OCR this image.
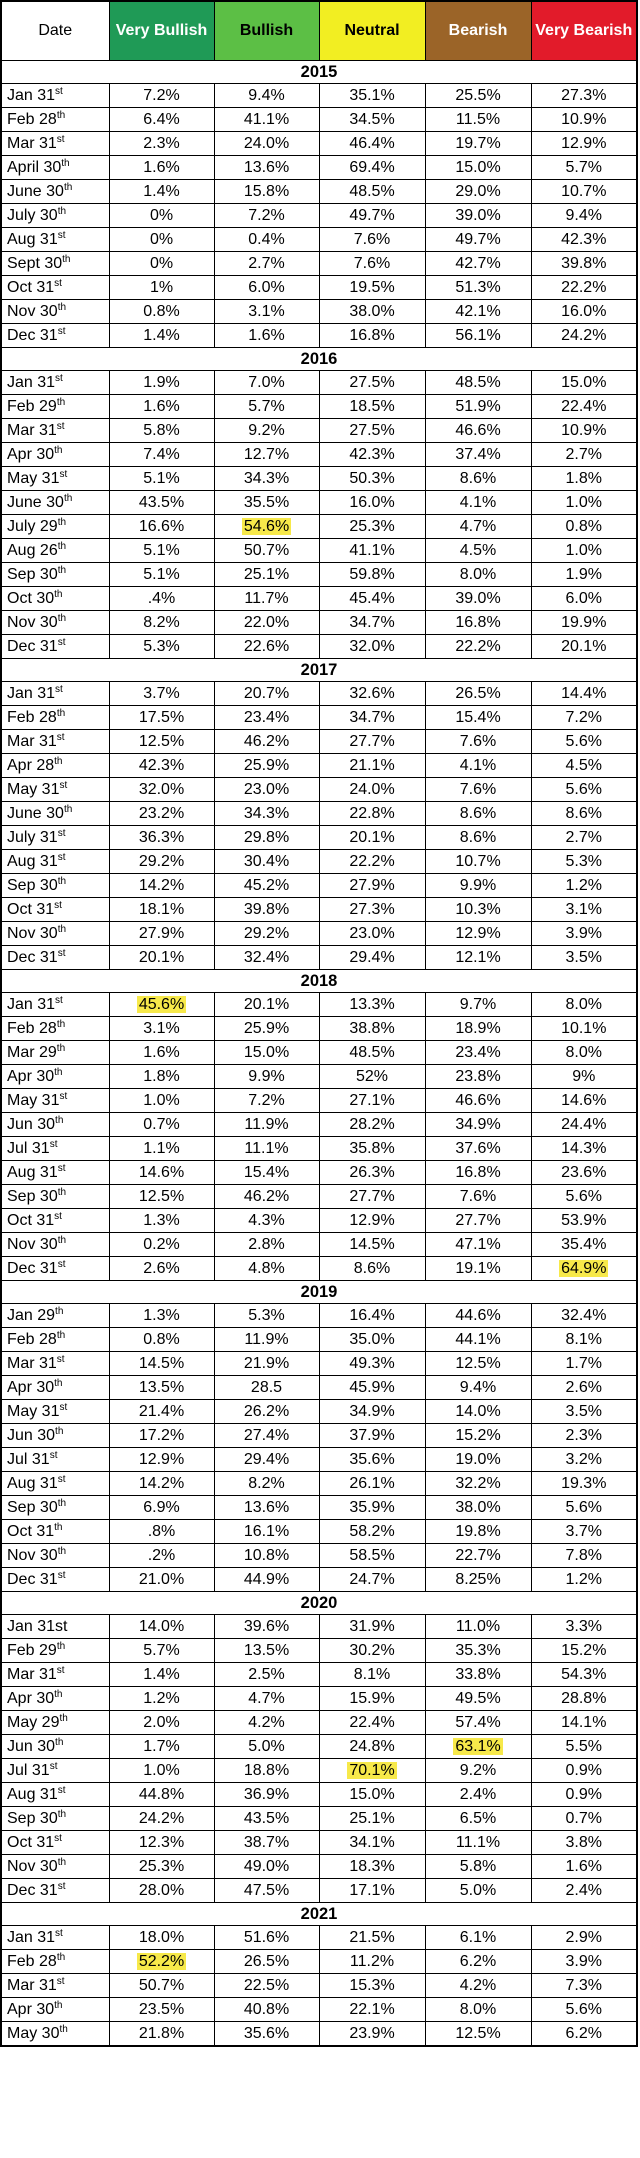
Date	Very Bullish	Bullish	Neutral	Bearish	Very Bearish
2015					
Jan 31st	7.2%	9.4%	35.1%	25.5%	27.3%
Feb 28th	6.4%	41.1%	34.5%	11.5%	10.9%
Mar 31st	2.3%	24.0%	46.4%	19.7%	12.9%
April 30th	1.6%	13.6%	69.4%	15.0%	5.7%
June 30th	1.4%	15.8%	48.5%	29.0%	10.7%
July 30th	0%	7.2%	49.7%	39.0%	9.4%
Aug 31st	0%	0.4%	7.6%	49.7%	42.3%
Sept 30th	0%	2.7%	7.6%	42.7%	39.8%
Oct 31st	1%	6.0%	19.5%	51.3%	22.2%
Nov 30th	0.8%	3.1%	38.0%	42.1%	16.0%
Dec 31st	1.4%	1.6%	16.8%	56.1%	24.2%
2016					
Jan 31st	1.9%	7.0%	27.5%	48.5%	15.0%
Feb 29th	1.6%	5.7%	18.5%	51.9%	22.4%
Mar 31st	5.8%	9.2%	27.5%	46.6%	10.9%
Apr 30th	7.4%	12.7%	42.3%	37.4%	2.7%
May 31st	5.1%	34.3%	50.3%	8.6%	1.8%
June 30th	43.5%	35.5%	16.0%	4.1%	1.0%
July 29th	16.6%	54.6%	25.3%	4.7%	0.8%
Aug 26th	5.1%	50.7%	41.1%	4.5%	1.0%
Sep 30th	5.1%	25.1%	59.8%	8.0%	1.9%
Oct 30th	.4%	11.7%	45.4%	39.0%	6.0%
Nov 30th	8.2%	22.0%	34.7%	16.8%	19.9%
Dec 31st	5.3%	22.6%	32.0%	22.2%	20.1%
2017					
Jan 31st	3.7%	20.7%	32.6%	26.5%	14.4%
Feb 28th	17.5%	23.4%	34.7%	15.4%	7.2%
Mar 31st	12.5%	46.2%	27.7%	7.6%	5.6%
Apr 28th	42.3%	25.9%	21.1%	4.1%	4.5%
May 31st	32.0%	23.0%	24.0%	7.6%	5.6%
June 30th	23.2%	34.3%	22.8%	8.6%	8.6%
July 31st	36.3%	29.8%	20.1%	8.6%	2.7%
Aug 31st	29.2%	30.4%	22.2%	10.7%	5.3%
Sep 30th	14.2%	45.2%	27.9%	9.9%	1.2%
Oct 31st	18.1%	39.8%	27.3%	10.3%	3.1%
Nov 30th	27.9%	29.2%	23.0%	12.9%	3.9%
Dec 31st	20.1%	32.4%	29.4%	12.1%	3.5%
2018					
Jan 31st	45.6%	20.1%	13.3%	9.7%	8.0%
Feb 28th	3.1%	25.9%	38.8%	18.9%	10.1%
Mar 29th	1.6%	15.0%	48.5%	23.4%	8.0%
Apr 30th	1.8%	9.9%	52%	23.8%	9%
May 31st	1.0%	7.2%	27.1%	46.6%	14.6%
Jun 30th	0.7%	11.9%	28.2%	34.9%	24.4%
Jul 31st	1.1%	11.1%	35.8%	37.6%	14.3%
Aug 31st	14.6%	15.4%	26.3%	16.8%	23.6%
Sep 30th	12.5%	46.2%	27.7%	7.6%	5.6%
Oct 31st	1.3%	4.3%	12.9%	27.7%	53.9%
Nov 30th	0.2%	2.8%	14.5%	47.1%	35.4%
Dec 31st	2.6%	4.8%	8.6%	19.1%	64.9%
2019					
Jan 29th	1.3%	5.3%	16.4%	44.6%	32.4%
Feb 28th	0.8%	11.9%	35.0%	44.1%	8.1%
Mar 31st	14.5%	21.9%	49.3%	12.5%	1.7%
Apr 30th	13.5%	28.5	45.9%	9.4%	2.6%
May 31st	21.4%	26.2%	34.9%	14.0%	3.5%
Jun 30th	17.2%	27.4%	37.9%	15.2%	2.3%
Jul 31st	12.9%	29.4%	35.6%	19.0%	3.2%
Aug 31st	14.2%	8.2%	26.1%	32.2%	19.3%
Sep 30th	6.9%	13.6%	35.9%	38.0%	5.6%
Oct 31th	.8%	16.1%	58.2%	19.8%	3.7%
Nov 30th	.2%	10.8%	58.5%	22.7%	7.8%
Dec 31st	21.0%	44.9%	24.7%	8.25%	1.2%
2020					
Jan 31st	14.0%	39.6%	31.9%	11.0%	3.3%
Feb 29th	5.7%	13.5%	30.2%	35.3%	15.2%
Mar 31st	1.4%	2.5%	8.1%	33.8%	54.3%
Apr 30th	1.2%	4.7%	15.9%	49.5%	28.8%
May 29th	2.0%	4.2%	22.4%	57.4%	14.1%
Jun 30th	1.7%	5.0%	24.8%	63.1%	5.5%
Jul 31st	1.0%	18.8%	70.1%	9.2%	0.9%
Aug 31st	44.8%	36.9%	15.0%	2.4%	0.9%
Sep 30th	24.2%	43.5%	25.1%	6.5%	0.7%
Oct 31st	12.3%	38.7%	34.1%	11.1%	3.8%
Nov 30th	25.3%	49.0%	18.3%	5.8%	1.6%
Dec 31st	28.0%	47.5%	17.1%	5.0%	2.4%
2021					
Jan 31st	18.0%	51.6%	21.5%	6.1%	2.9%
Feb 28th	52.2%	26.5%	11.2%	6.2%	3.9%
Mar 31st	50.7%	22.5%	15.3%	4.2%	7.3%
Apr 30th	23.5%	40.8%	22.1%	8.0%	5.6%
May 30th	21.8%	35.6%	23.9%	12.5%	6.2%
